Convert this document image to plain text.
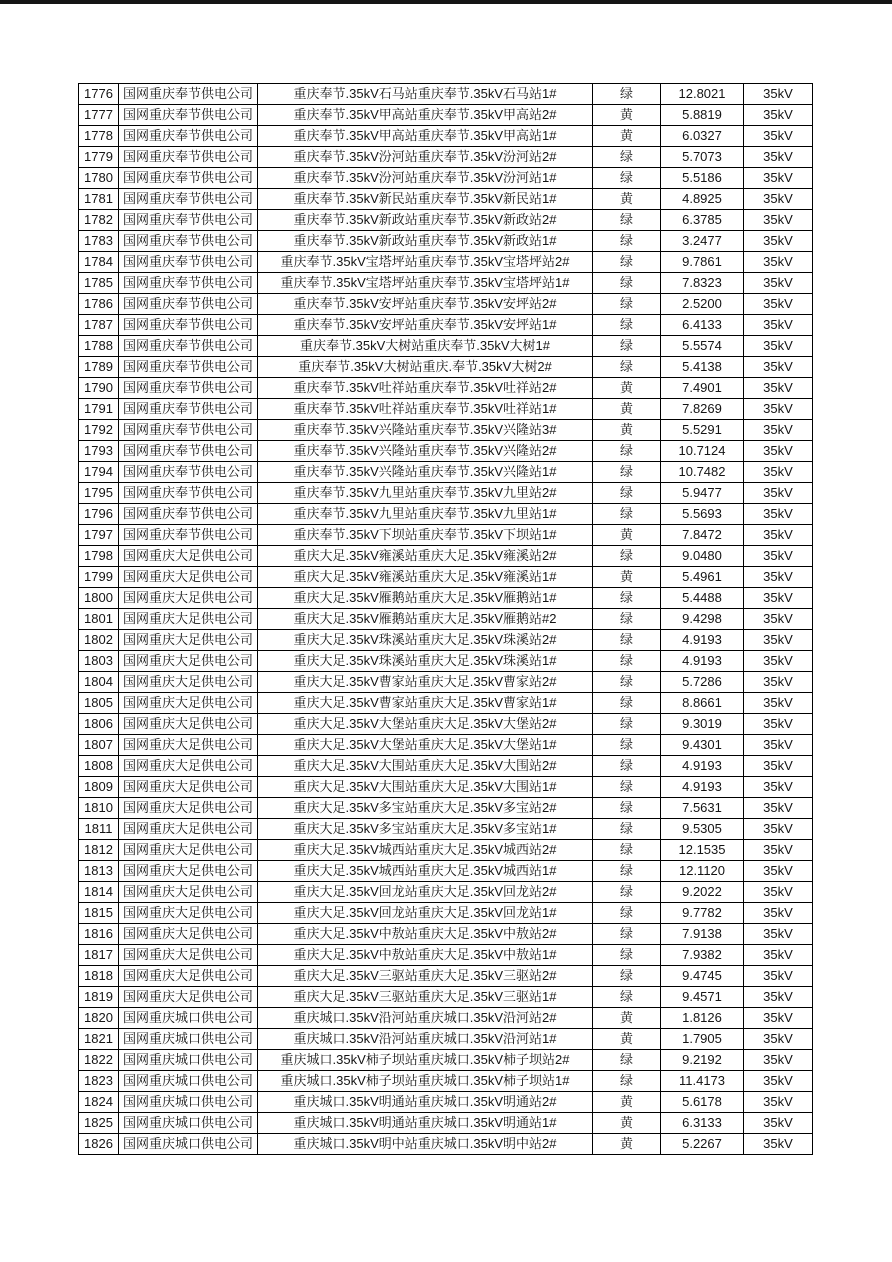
1776	国网重庆奉节供电公司	重庆奉节.35kV石马站重庆奉节.35kV石马站1#	绿	12.8021	35kV
1777	国网重庆奉节供电公司	重庆奉节.35kV甲高站重庆奉节.35kV甲高站2#	黄	5.8819	35kV
1778	国网重庆奉节供电公司	重庆奉节.35kV甲高站重庆奉节.35kV甲高站1#	黄	6.0327	35kV
1779	国网重庆奉节供电公司	重庆奉节.35kV汾河站重庆奉节.35kV汾河站2#	绿	5.7073	35kV
1780	国网重庆奉节供电公司	重庆奉节.35kV汾河站重庆奉节.35kV汾河站1#	绿	5.5186	35kV
1781	国网重庆奉节供电公司	重庆奉节.35kV新民站重庆奉节.35kV新民站1#	黄	4.8925	35kV
1782	国网重庆奉节供电公司	重庆奉节.35kV新政站重庆奉节.35kV新政站2#	绿	6.3785	35kV
1783	国网重庆奉节供电公司	重庆奉节.35kV新政站重庆奉节.35kV新政站1#	绿	3.2477	35kV
1784	国网重庆奉节供电公司	重庆奉节.35kV宝塔坪站重庆奉节.35kV宝塔坪站2#	绿	9.7861	35kV
1785	国网重庆奉节供电公司	重庆奉节.35kV宝塔坪站重庆奉节.35kV宝塔坪站1#	绿	7.8323	35kV
1786	国网重庆奉节供电公司	重庆奉节.35kV安坪站重庆奉节.35kV安坪站2#	绿	2.5200	35kV
1787	国网重庆奉节供电公司	重庆奉节.35kV安坪站重庆奉节.35kV安坪站1#	绿	6.4133	35kV
1788	国网重庆奉节供电公司	重庆奉节.35kV大树站重庆奉节.35kV大树1#	绿	5.5574	35kV
1789	国网重庆奉节供电公司	重庆奉节.35kV大树站重庆.奉节.35kV大树2#	绿	5.4138	35kV
1790	国网重庆奉节供电公司	重庆奉节.35kV吐祥站重庆奉节.35kV吐祥站2#	黄	7.4901	35kV
1791	国网重庆奉节供电公司	重庆奉节.35kV吐祥站重庆奉节.35kV吐祥站1#	黄	7.8269	35kV
1792	国网重庆奉节供电公司	重庆奉节.35kV兴隆站重庆奉节.35kV兴隆站3#	黄	5.5291	35kV
1793	国网重庆奉节供电公司	重庆奉节.35kV兴隆站重庆奉节.35kV兴隆站2#	绿	10.7124	35kV
1794	国网重庆奉节供电公司	重庆奉节.35kV兴隆站重庆奉节.35kV兴隆站1#	绿	10.7482	35kV
1795	国网重庆奉节供电公司	重庆奉节.35kV九里站重庆奉节.35kV九里站2#	绿	5.9477	35kV
1796	国网重庆奉节供电公司	重庆奉节.35kV九里站重庆奉节.35kV九里站1#	绿	5.5693	35kV
1797	国网重庆奉节供电公司	重庆奉节.35kV下坝站重庆奉节.35kV下坝站1#	黄	7.8472	35kV
1798	国网重庆大足供电公司	重庆大足.35kV雍溪站重庆大足.35kV雍溪站2#	绿	9.0480	35kV
1799	国网重庆大足供电公司	重庆大足.35kV雍溪站重庆大足.35kV雍溪站1#	黄	5.4961	35kV
1800	国网重庆大足供电公司	重庆大足.35kV雁鹅站重庆大足.35kV雁鹅站1#	绿	5.4488	35kV
1801	国网重庆大足供电公司	重庆大足.35kV雁鹅站重庆大足.35kV雁鹅站#2	绿	9.4298	35kV
1802	国网重庆大足供电公司	重庆大足.35kV珠溪站重庆大足.35kV珠溪站2#	绿	4.9193	35kV
1803	国网重庆大足供电公司	重庆大足.35kV珠溪站重庆大足.35kV珠溪站1#	绿	4.9193	35kV
1804	国网重庆大足供电公司	重庆大足.35kV曹家站重庆大足.35kV曹家站2#	绿	5.7286	35kV
1805	国网重庆大足供电公司	重庆大足.35kV曹家站重庆大足.35kV曹家站1#	绿	8.8661	35kV
1806	国网重庆大足供电公司	重庆大足.35kV大堡站重庆大足.35kV大堡站2#	绿	9.3019	35kV
1807	国网重庆大足供电公司	重庆大足.35kV大堡站重庆大足.35kV大堡站1#	绿	9.4301	35kV
1808	国网重庆大足供电公司	重庆大足.35kV大围站重庆大足.35kV大围站2#	绿	4.9193	35kV
1809	国网重庆大足供电公司	重庆大足.35kV大围站重庆大足.35kV大围站1#	绿	4.9193	35kV
1810	国网重庆大足供电公司	重庆大足.35kV多宝站重庆大足.35kV多宝站2#	绿	7.5631	35kV
1811	国网重庆大足供电公司	重庆大足.35kV多宝站重庆大足.35kV多宝站1#	绿	9.5305	35kV
1812	国网重庆大足供电公司	重庆大足.35kV城西站重庆大足.35kV城西站2#	绿	12.1535	35kV
1813	国网重庆大足供电公司	重庆大足.35kV城西站重庆大足.35kV城西站1#	绿	12.1120	35kV
1814	国网重庆大足供电公司	重庆大足.35kV回龙站重庆大足.35kV回龙站2#	绿	9.2022	35kV
1815	国网重庆大足供电公司	重庆大足.35kV回龙站重庆大足.35kV回龙站1#	绿	9.7782	35kV
1816	国网重庆大足供电公司	重庆大足.35kV中敖站重庆大足.35kV中敖站2#	绿	7.9138	35kV
1817	国网重庆大足供电公司	重庆大足.35kV中敖站重庆大足.35kV中敖站1#	绿	7.9382	35kV
1818	国网重庆大足供电公司	重庆大足.35kV三驱站重庆大足.35kV三驱站2#	绿	9.4745	35kV
1819	国网重庆大足供电公司	重庆大足.35kV三驱站重庆大足.35kV三驱站1#	绿	9.4571	35kV
1820	国网重庆城口供电公司	重庆城口.35kV沿河站重庆城口.35kV沿河站2#	黄	1.8126	35kV
1821	国网重庆城口供电公司	重庆城口.35kV沿河站重庆城口.35kV沿河站1#	黄	1.7905	35kV
1822	国网重庆城口供电公司	重庆城口.35kV柿子坝站重庆城口.35kV柿子坝站2#	绿	9.2192	35kV
1823	国网重庆城口供电公司	重庆城口.35kV柿子坝站重庆城口.35kV柿子坝站1#	绿	11.4173	35kV
1824	国网重庆城口供电公司	重庆城口.35kV明通站重庆城口.35kV明通站2#	黄	5.6178	35kV
1825	国网重庆城口供电公司	重庆城口.35kV明通站重庆城口.35kV明通站1#	黄	6.3133	35kV
1826	国网重庆城口供电公司	重庆城口.35kV明中站重庆城口.35kV明中站2#	黄	5.2267	35kV
